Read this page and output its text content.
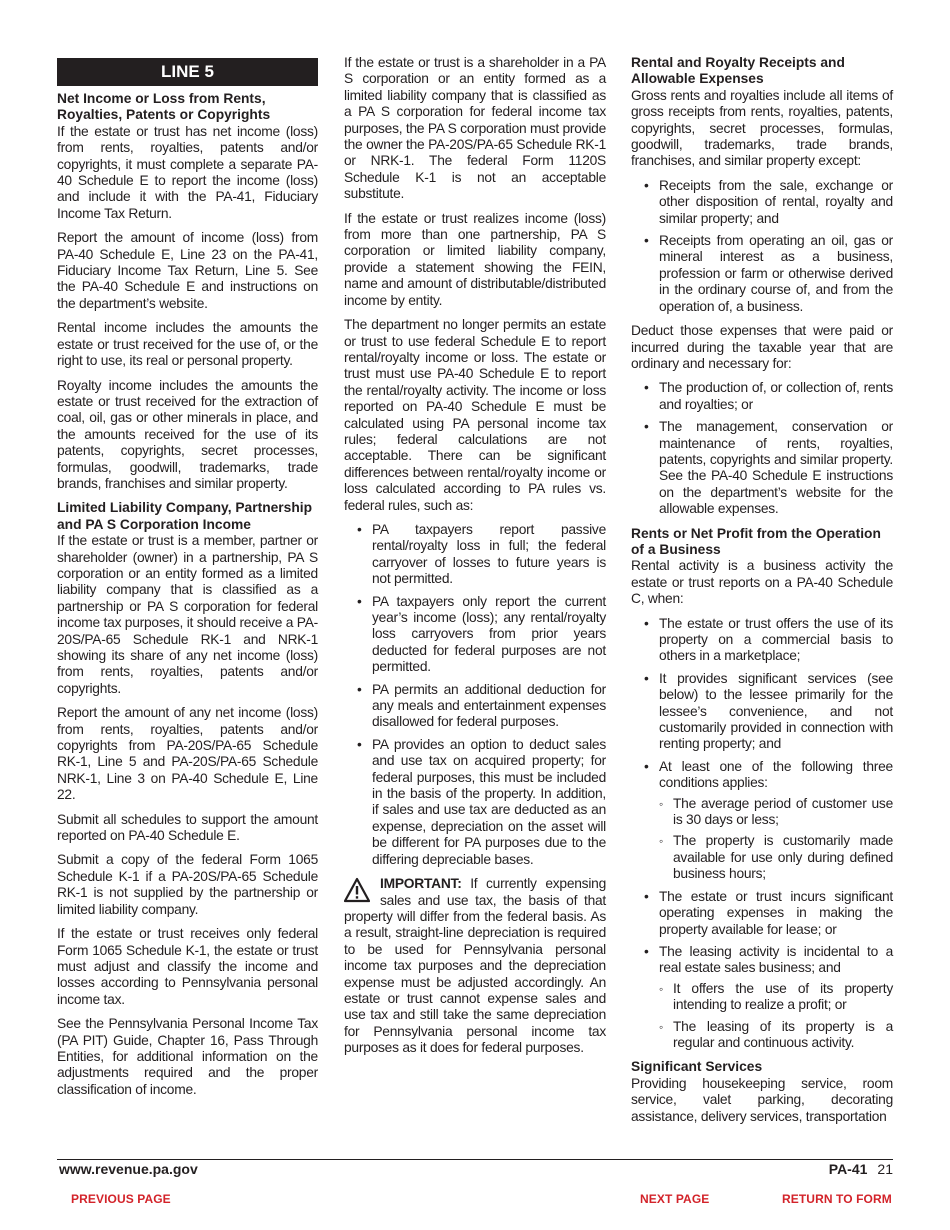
LINE 5
Net Income or Loss from Rents, Royalties, Patents or Copyrights

If the estate or trust has net income (loss) from rents, royalties, patents and/or copyrights, it must complete a separate PA-40 Schedule E to report the income (loss) and include it with the PA-41, Fiduciary Income Tax Return.

Report the amount of income (loss) from PA-40 Schedule E, Line 23 on the PA-41, Fiduciary Income Tax Return, Line 5. See the PA-40 Schedule E and instructions on the department’s website.

Rental income includes the amounts the estate or trust received for the use of, or the right to use, its real or personal property.

Royalty income includes the amounts the estate or trust received for the extraction of coal, oil, gas or other minerals in place, and the amounts received for the use of its patents, copyrights, secret processes, formulas, goodwill, trademarks, trade brands, franchises and similar property.

Limited Liability Company, Partnership and PA S Corporation Income

If the estate or trust is a member, partner or shareholder (owner) in a partnership, PA S corporation or an entity formed as a limited liability company that is classified as a partnership or PA S corporation for federal income tax purposes, it should receive a PA-20S/PA-65 Schedule RK-1 and NRK-1 showing its share of any net income (loss) from rents, royalties, patents and/or copyrights.

Report the amount of any net income (loss) from rents, royalties, patents and/or copyrights from PA-20S/PA-65 Schedule RK-1, Line 5 and PA-20S/PA-65 Schedule NRK-1, Line 3 on PA-40 Schedule E, Line 22.

Submit all schedules to support the amount reported on PA-40 Schedule E.

Submit a copy of the federal Form 1065 Schedule K-1 if a PA-20S/PA-65 Schedule RK-1 is not supplied by the partnership or limited liability company.

If the estate or trust receives only federal Form 1065 Schedule K-1, the estate or trust must adjust and classify the income and losses according to Pennsylvania personal income tax.

See the Pennsylvania Personal Income Tax (PA PIT) Guide, Chapter 16, Pass Through Entities, for additional information on the adjustments required and the proper classification of income.

If the estate or trust is a shareholder in a PA S corporation or an entity formed as a limited liability company that is classified as a PA S corporation for federal income tax purposes, the PA S corporation must provide the owner the PA-20S/PA-65 Schedule RK-1 or NRK-1. The federal Form 1120S Schedule K-1 is not an acceptable substitute.

If the estate or trust realizes income (loss) from more than one partnership, PA S corporation or limited liability company, provide a statement showing the FEIN, name and amount of distributable/distributed income by entity.

The department no longer permits an estate or trust to use federal Schedule E to report rental/royalty income or loss. The estate or trust must use PA-40 Schedule E to report the rental/royalty activity. The income or loss reported on PA-40 Schedule E must be calculated using PA personal income tax rules; federal calculations are not acceptable. There can be significant differences between rental/royalty income or loss calculated according to PA rules vs. federal rules, such as:

• PA taxpayers report passive rental/royalty loss in full; the federal carryover of losses to future years is not permitted.
• PA taxpayers only report the current year’s income (loss); any rental/royalty loss carryovers from prior years deducted for federal purposes are not permitted.
• PA permits an additional deduction for any meals and entertainment expenses disallowed for federal purposes.
• PA provides an option to deduct sales and use tax on acquired property; for federal purposes, this must be included in the basis of the property. In addition, if sales and use tax are deducted as an expense, depreciation on the asset will be different for PA purposes due to the differing depreciable bases.

IMPORTANT: If currently expensing sales and use tax, the basis of that property will differ from the federal basis. As a result, straight-line depreciation is required to be used for Pennsylvania personal income tax purposes and the depreciation expense must be adjusted accordingly. An estate or trust cannot expense sales and use tax and still take the same depreciation for Pennsylvania personal income tax purposes as it does for federal purposes.

Rental and Royalty Receipts and Allowable Expenses

Gross rents and royalties include all items of gross receipts from rents, royalties, patents, copyrights, secret processes, formulas, goodwill, trademarks, trade brands, franchises, and similar property except:

• Receipts from the sale, exchange or other disposition of rental, royalty and similar property; and
• Receipts from operating an oil, gas or mineral interest as a business, profession or farm or otherwise derived in the ordinary course of, and from the operation of, a business.

Deduct those expenses that were paid or incurred during the taxable year that are ordinary and necessary for:

• The production of, or collection of, rents and royalties; or
• The management, conservation or maintenance of rents, royalties, patents, copyrights and similar property. See the PA-40 Schedule E instructions on the department’s website for the allowable expenses.
Rents or Net Profit from the Operation of a Business

Rental activity is a business activity the estate or trust reports on a PA-40 Schedule C, when:

• The estate or trust offers the use of its property on a commercial basis to others in a marketplace;
• It provides significant services (see below) to the lessee primarily for the lessee’s convenience, and not customarily provided in connection with renting property; and
• At least one of the following three conditions applies:
◦ The average period of customer use is 30 days or less;
◦ The property is customarily made available for use only during defined business hours;
• The estate or trust incurs significant operating expenses in making the property available for lease; or
• The leasing activity is incidental to a real estate sales business; and
◦ It offers the use of its property intending to realize a profit; or
◦ The leasing of its property is a regular and continuous activity.
Significant Services

Providing housekeeping service, room service, valet parking, decorating assistance, delivery services, transportation

www.revenue.pa.gov	PA-41 21
PREVIOUS PAGE	NEXT PAGE	RETURN TO FORM
